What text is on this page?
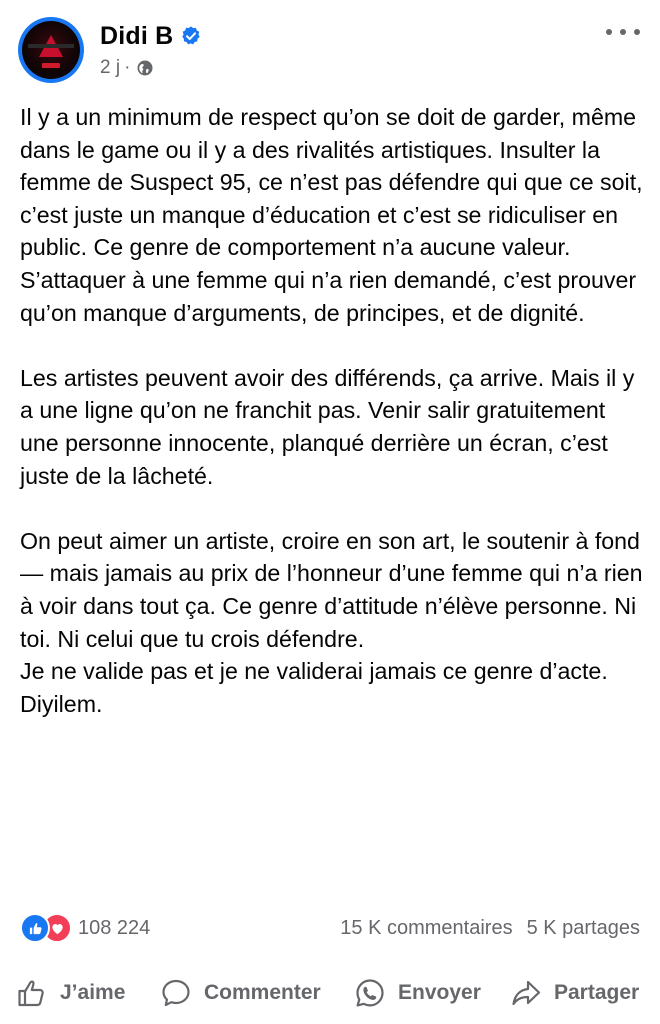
Didi B
2 j ·

Il y a un minimum de respect qu’on se doit de garder, même dans le game ou il y a des rivalités artistiques. Insulter la femme de Suspect 95, ce n’est pas défendre qui que ce soit, c’est juste un manque d’éducation et c’est se ridiculiser en public. Ce genre de comportement n’a aucune valeur. S’attaquer à une femme qui n’a rien demandé, c’est prouver qu’on manque d’arguments, de principes, et de dignité.

Les artistes peuvent avoir des différends, ça arrive. Mais il y a une ligne qu’on ne franchit pas. Venir salir gratuitement une personne innocente, planqué derrière un écran, c’est juste de la lâcheté.

On peut aimer un artiste, croire en son art, le soutenir à fond — mais jamais au prix de l’honneur d’une femme qui n’a rien à voir dans tout ça. Ce genre d’attitude n’élève personne. Ni toi. Ni celui que tu crois défendre.
Je ne valide pas et je ne validerai jamais ce genre d’acte.
Diyilem.

108 224	15 K commentaires 5 K partages
J’aime	Commenter	Envoyer	Partager
